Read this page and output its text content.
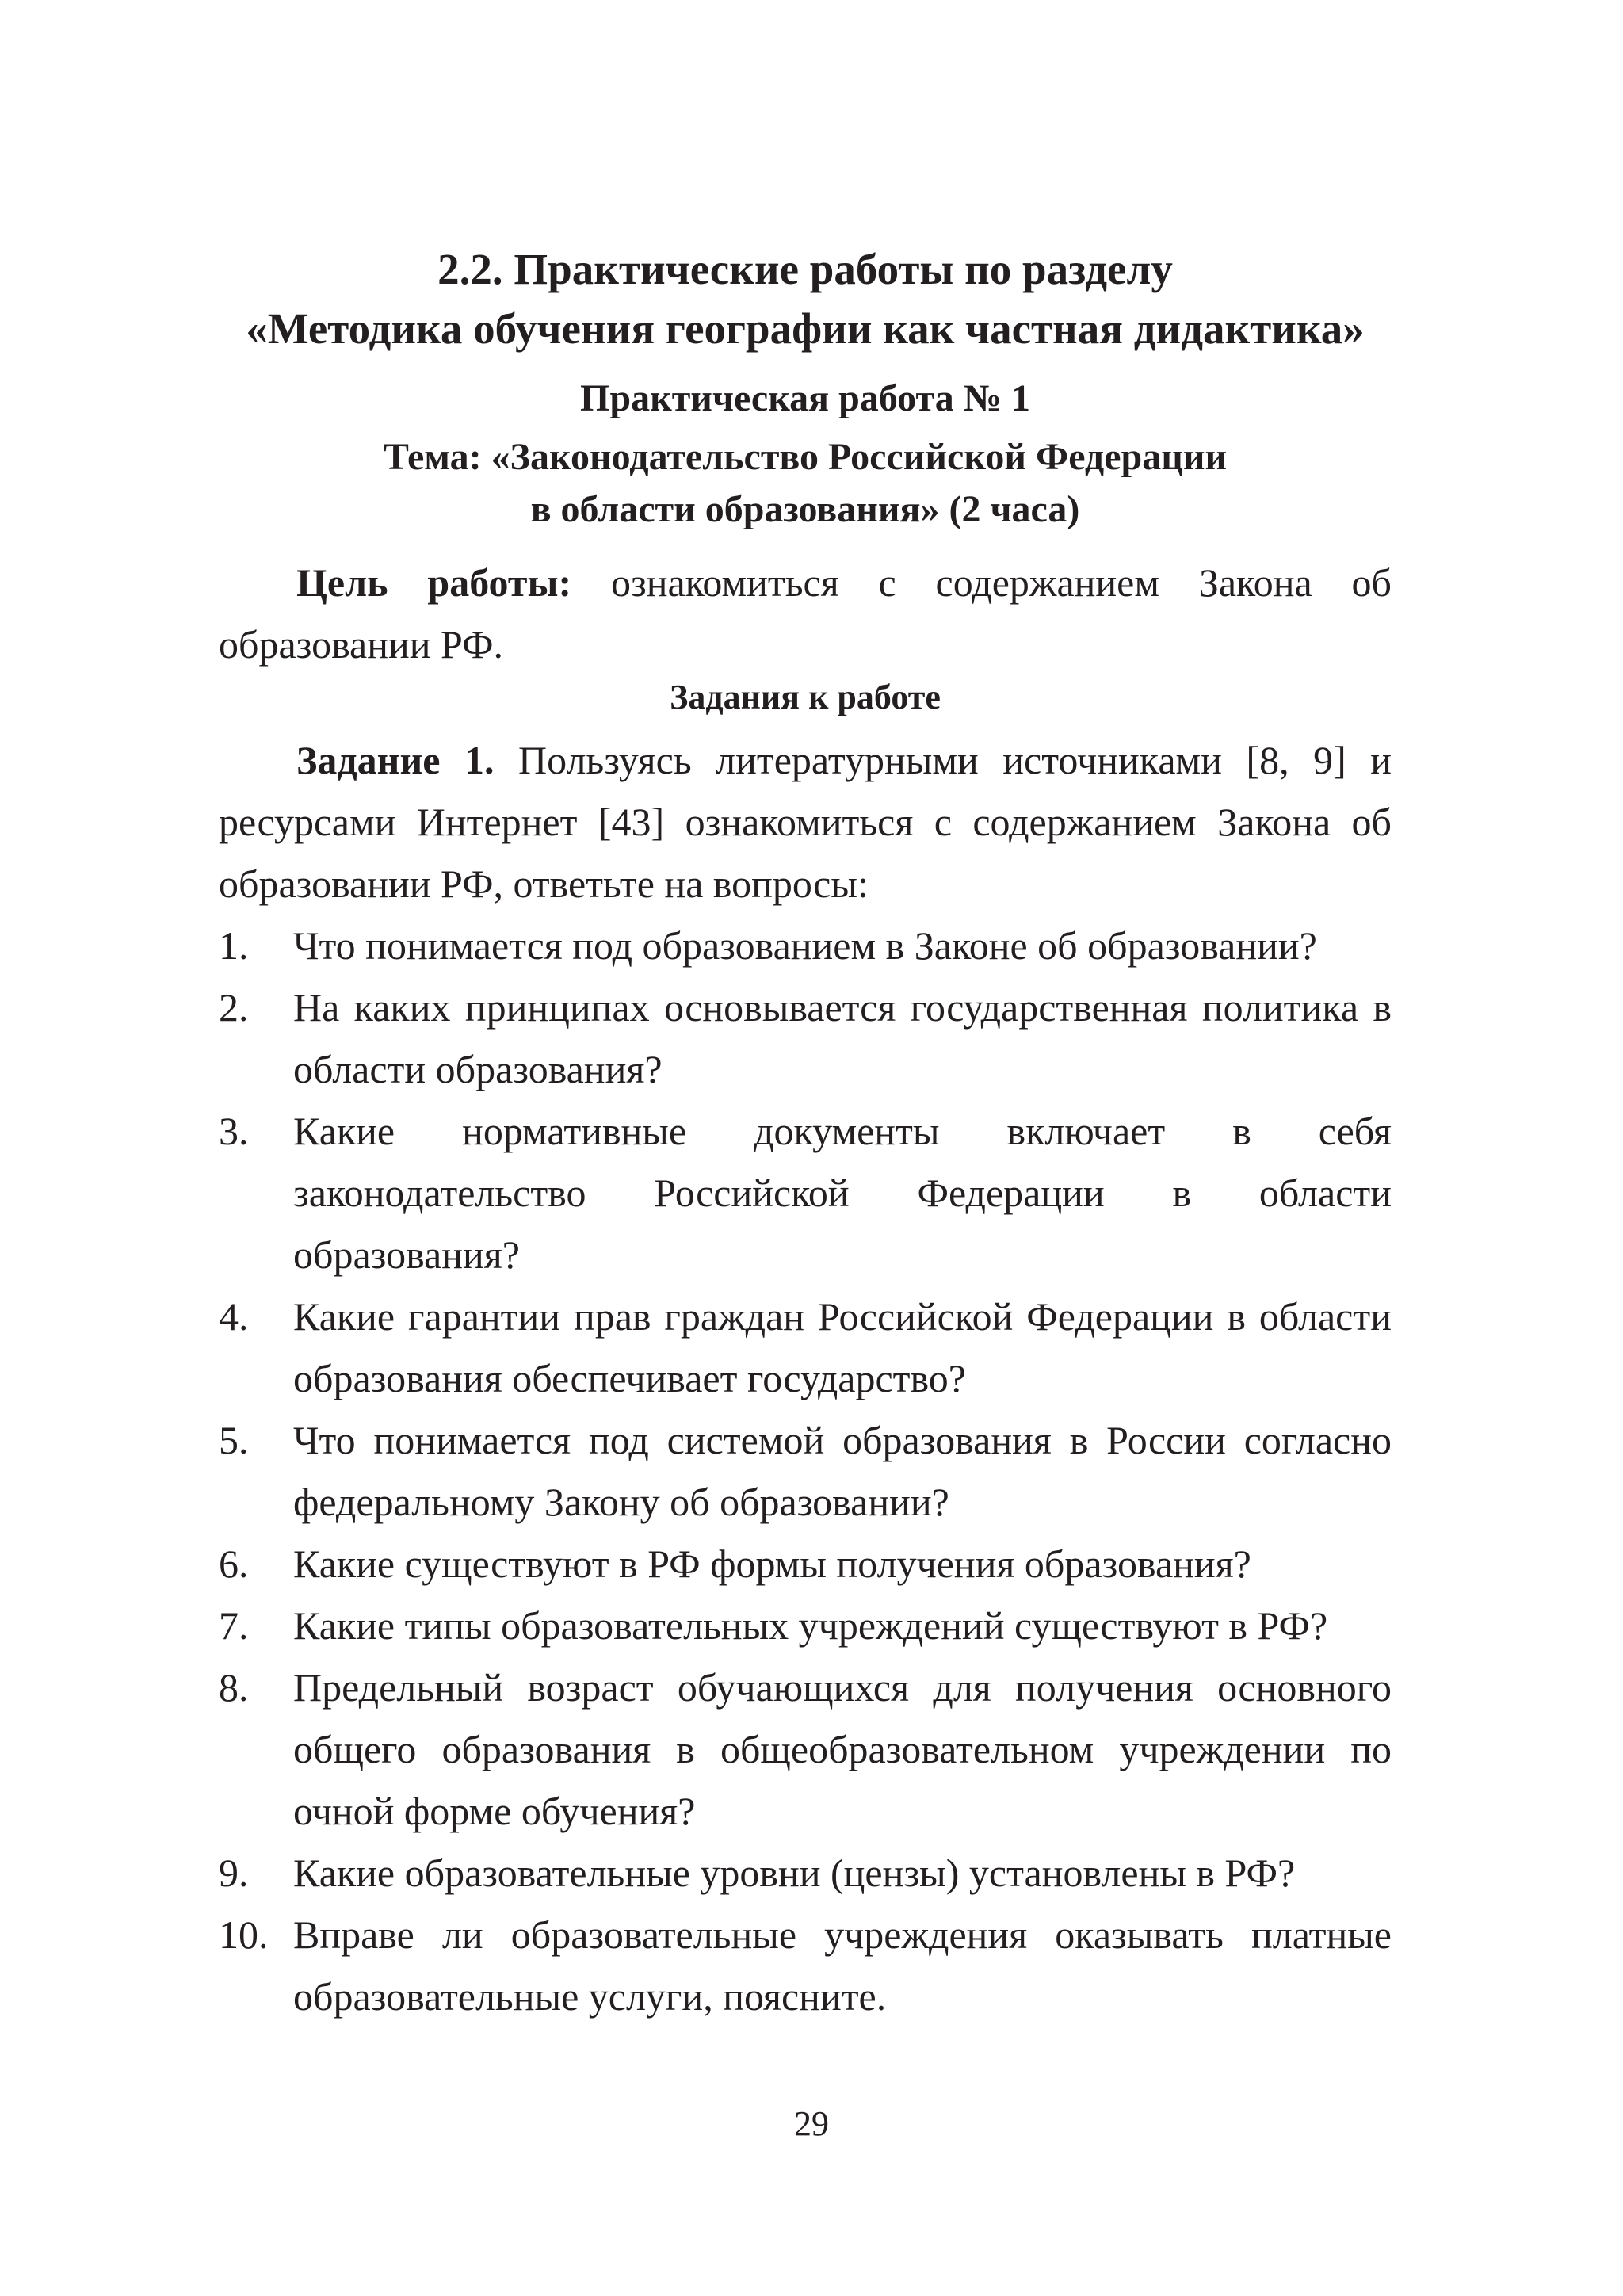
2.2. Практические работы по разделу
«Методика обучения географии как частная дидактика»
Практическая работа № 1
Тема: «Законодательство Российской Федерации
в области образования» (2 часа)

Цель работы: ознакомиться с содержанием Закона об образовании РФ.

Задания к работе

Задание 1. Пользуясь литературными источниками [8, 9] и ресурсами Интернет [43] ознакомиться с содержанием Закона об образовании РФ, ответьте на вопросы:

1. Что понимается под образованием в Законе об образовании?
2. На каких принципах основывается государственная политика в области образования?
3. Какие нормативные документы включает в себя законодательство Российской Федерации в области образования?
4. Какие гарантии прав граждан Российской Федерации в области образования обеспечивает государство?
5. Что понимается под системой образования в России согласно федеральному Закону об образовании?
6. Какие существуют в РФ формы получения образования?
7. Какие типы образовательных учреждений существуют в РФ?
8. Предельный возраст обучающихся для получения основного общего образования в общеобразовательном учреждении по очной форме обучения?
9. Какие образовательные уровни (цензы) установлены в РФ?
10. Вправе ли образовательные учреждения оказывать платные образовательные услуги, поясните.
29
